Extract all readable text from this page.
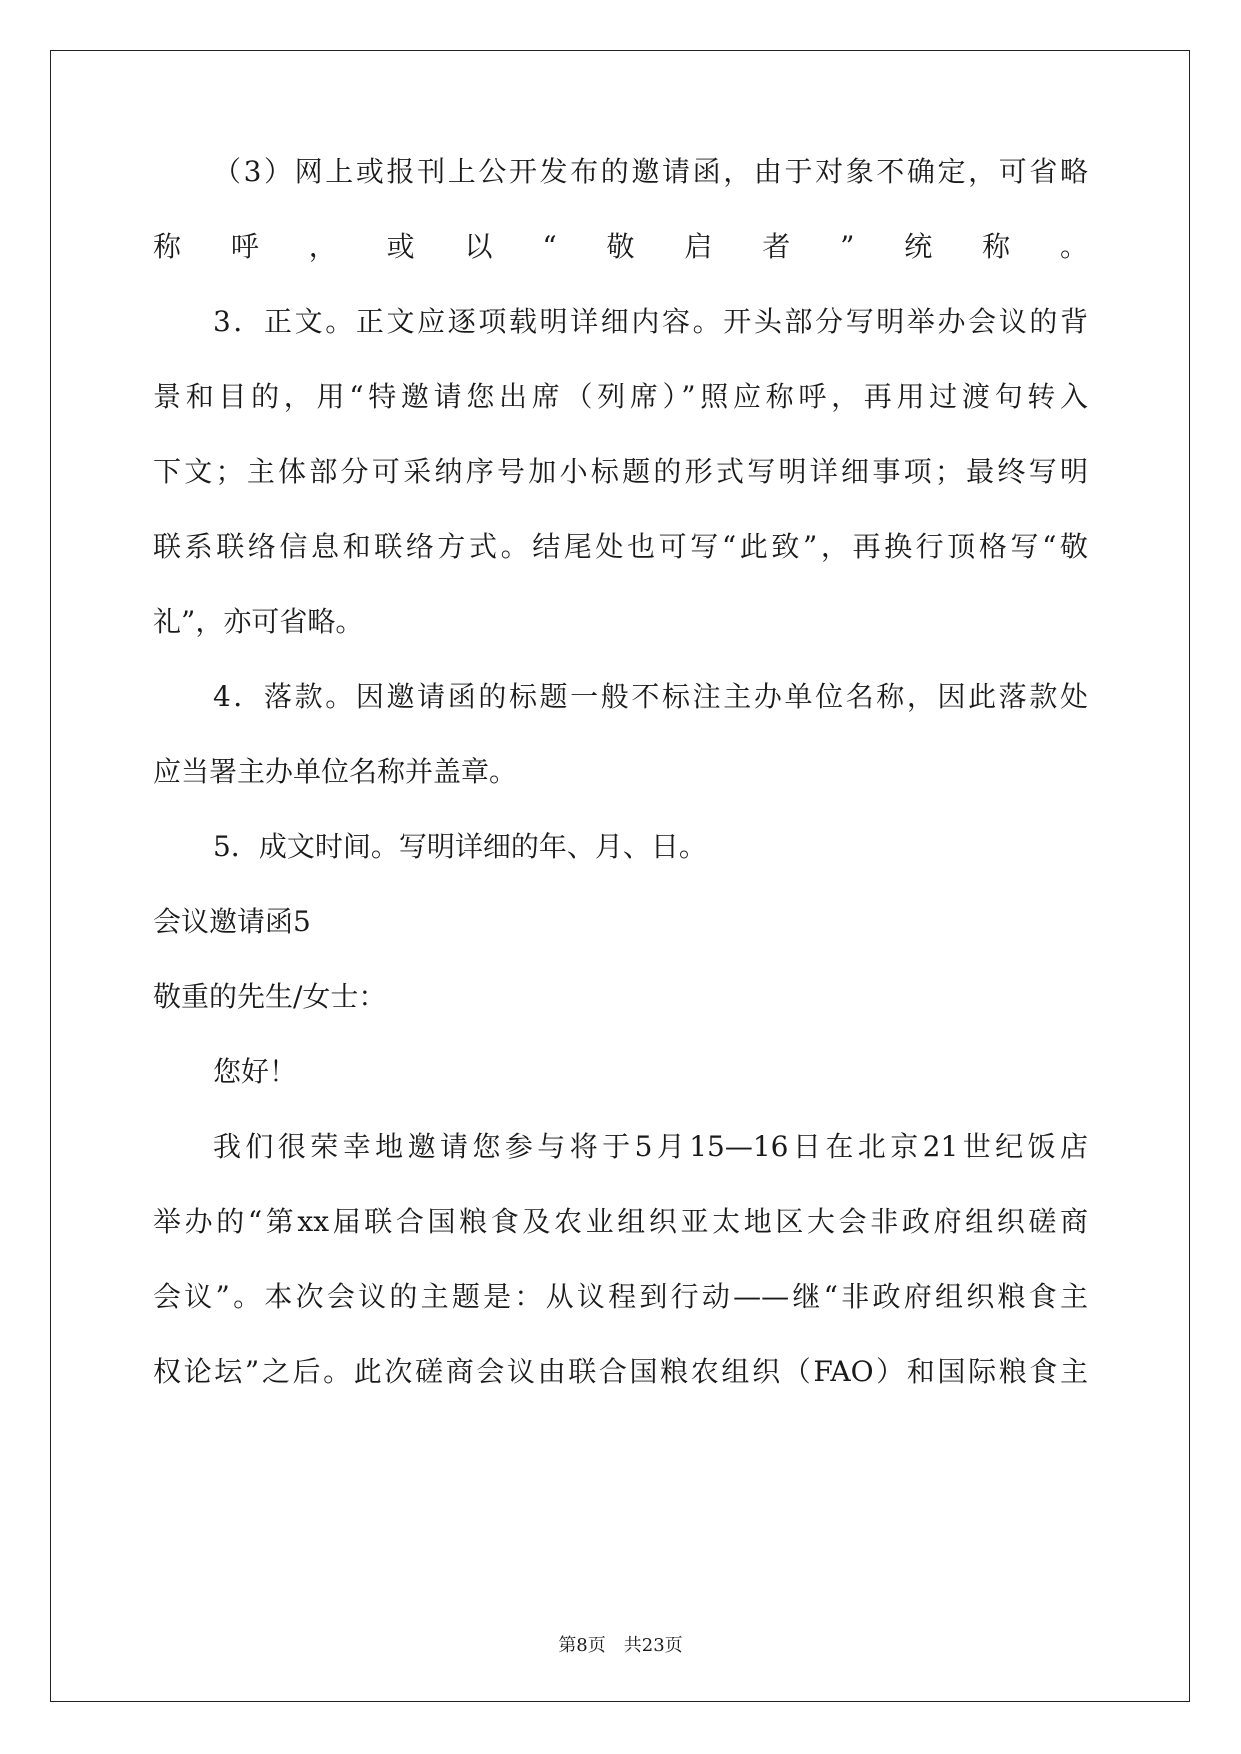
（3）网上或报刊上公开发布的邀请函，由于对象不确定，可省略
称呼，或以“敬启者”统称。
3．正文。正文应逐项载明详细内容。开头部分写明举办会议的背
景和目的，用“特邀请您出席（列席）”照应称呼，再用过渡句转入
下文；主体部分可采纳序号加小标题的形式写明详细事项；最终写明
联系联络信息和联络方式。结尾处也可写“此致”，再换行顶格写“敬
礼”，亦可省略。
4．落款。因邀请函的标题一般不标注主办单位名称，因此落款处
应当署主办单位名称并盖章。
5．成文时间。写明详细的年、月、日。
会议邀请函5
敬重的先生/女士：
您好！
我们很荣幸地邀请您参与将于5月15—16日在北京21世纪饭店
举办的“第xx届联合国粮食及农业组织亚太地区大会非政府组织磋商
会议”。本次会议的主题是：从议程到行动——继“非政府组织粮食主
权论坛”之后。此次磋商会议由联合国粮农组织（FAO）和国际粮食主
第8页　共23页
